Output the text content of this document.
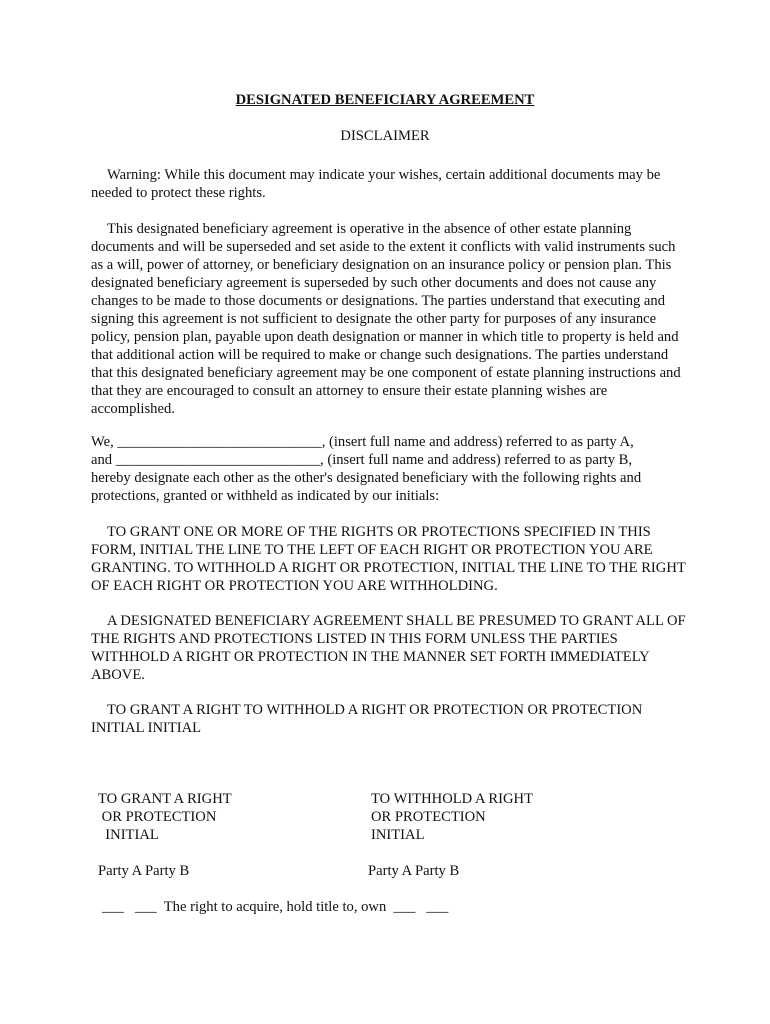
DESIGNATED BENEFICIARY AGREEMENT
DISCLAIMER

Warning: While this document may indicate your wishes, certain additional documents may be needed to protect these rights.

This designated beneficiary agreement is operative in the absence of other estate planning documents and will be superseded and set aside to the extent it conflicts with valid instruments such as a will, power of attorney, or beneficiary designation on an insurance policy or pension plan. This designated beneficiary agreement is superseded by such other documents and does not cause any changes to be made to those documents or designations. The parties understand that executing and signing this agreement is not sufficient to designate the other party for purposes of any insurance policy, pension plan, payable upon death designation or manner in which title to property is held and that additional action will be required to make or change such designations. The parties understand that this designated beneficiary agreement may be one component of estate planning instructions and that they are encouraged to consult an attorney to ensure their estate planning wishes are accomplished.

We, ____________________________, (insert full name and address) referred to as party A,
and ____________________________, (insert full name and address) referred to as party B,

hereby designate each other as the other's designated beneficiary with the following rights and protections, granted or withheld as indicated by our initials:

TO GRANT ONE OR MORE OF THE RIGHTS OR PROTECTIONS SPECIFIED IN THIS FORM, INITIAL THE LINE TO THE LEFT OF EACH RIGHT OR PROTECTION YOU ARE GRANTING. TO WITHHOLD A RIGHT OR PROTECTION, INITIAL THE LINE TO THE RIGHT OF EACH RIGHT OR PROTECTION YOU ARE WITHHOLDING.

A DESIGNATED BENEFICIARY AGREEMENT SHALL BE PRESUMED TO GRANT ALL OF THE RIGHTS AND PROTECTIONS LISTED IN THIS FORM UNLESS THE PARTIES WITHHOLD A RIGHT OR PROTECTION IN THE MANNER SET FORTH IMMEDIATELY ABOVE.

TO GRANT A RIGHT TO WITHHOLD A RIGHT OR PROTECTION OR PROTECTION INITIAL INITIAL

TO GRANT A RIGHT
OR PROTECTION
INITIAL
TO WITHHOLD A RIGHT
OR PROTECTION
INITIAL
Party A Party B	Party A Party B
___   ___  The right to acquire, hold title to, own  ___   ___
